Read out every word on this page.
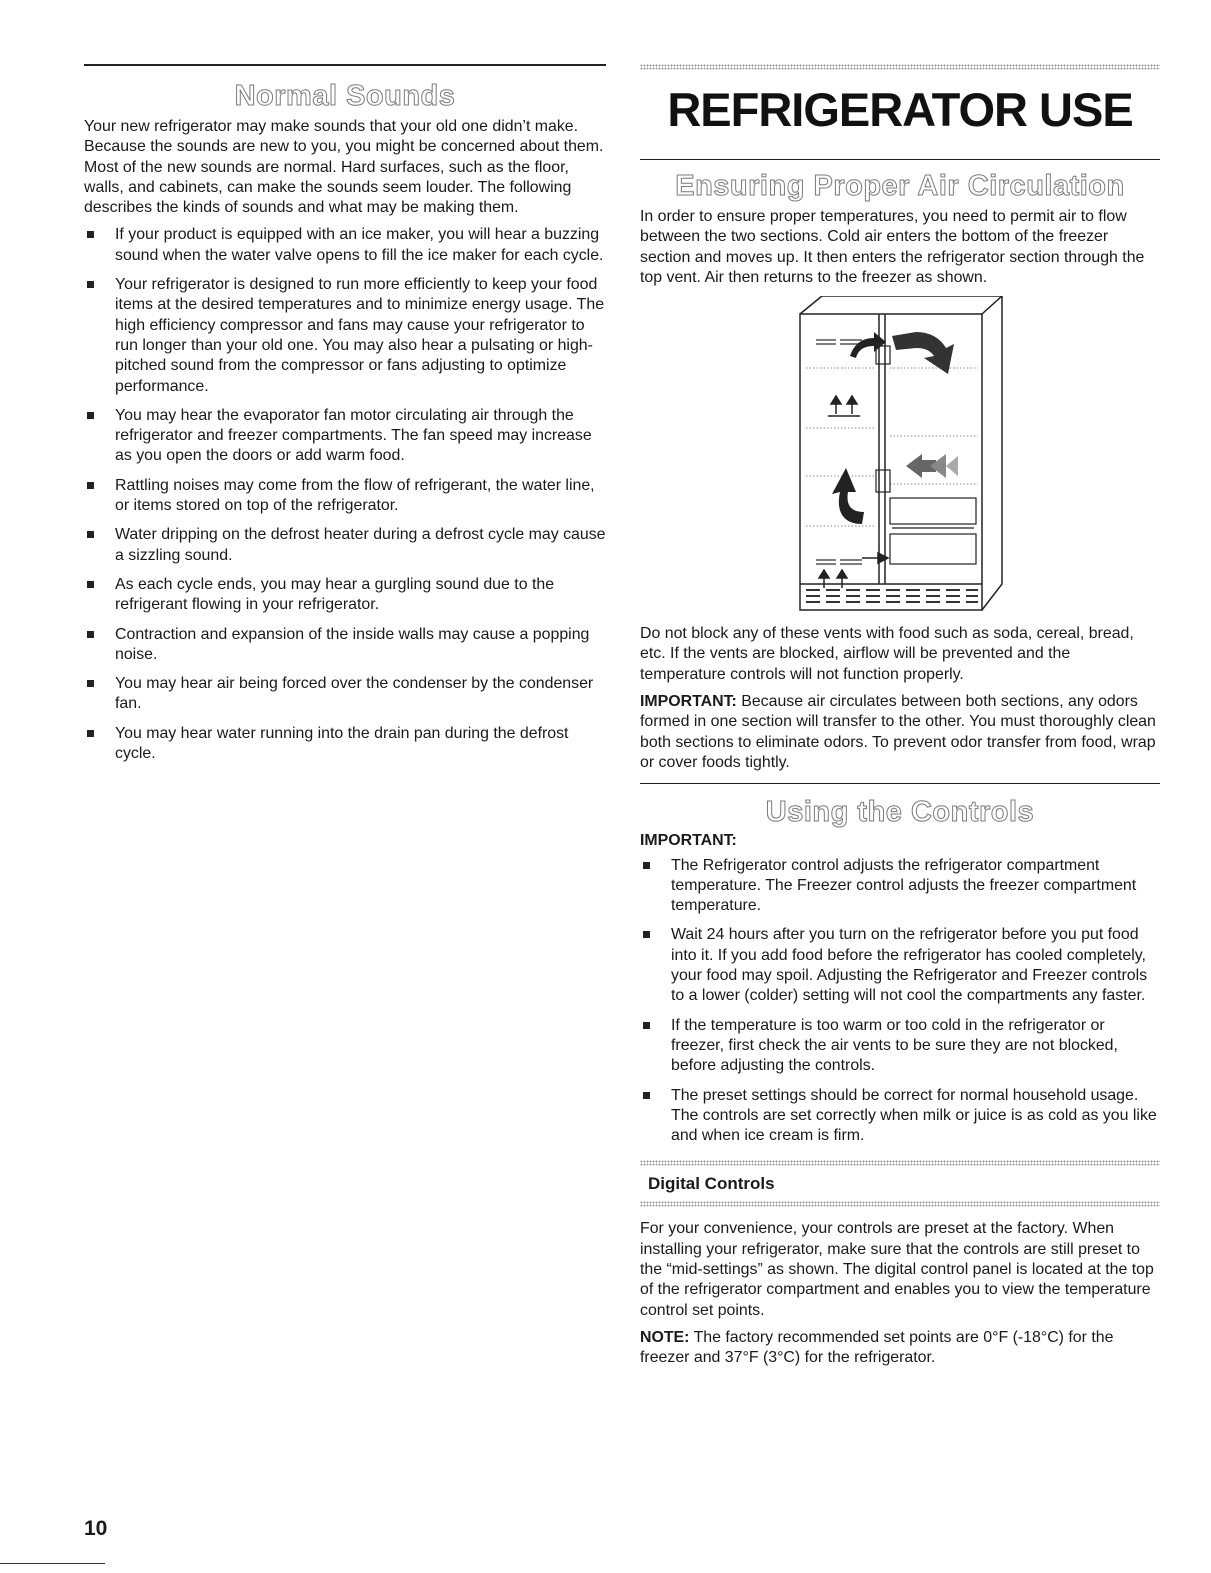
Normal Sounds

Your new refrigerator may make sounds that your old one didn’t make. Because the sounds are new to you, you might be concerned about them. Most of the new sounds are normal. Hard surfaces, such as the floor, walls, and cabinets, can make the sounds seem louder. The following describes the kinds of sounds and what may be making them.

If your product is equipped with an ice maker, you will hear a buzzing sound when the water valve opens to fill the ice maker for each cycle.
Your refrigerator is designed to run more efficiently to keep your food items at the desired temperatures and to minimize energy usage. The high efficiency compressor and fans may cause your refrigerator to run longer than your old one. You may also hear a pulsating or high-pitched sound from the compressor or fans adjusting to optimize performance.
You may hear the evaporator fan motor circulating air through the refrigerator and freezer compartments. The fan speed may increase as you open the doors or add warm food.
Rattling noises may come from the flow of refrigerant, the water line, or items stored on top of the refrigerator.
Water dripping on the defrost heater during a defrost cycle may cause a sizzling sound.
As each cycle ends, you may hear a gurgling sound due to the refrigerant flowing in your refrigerator.
Contraction and expansion of the inside walls may cause a popping noise.
You may hear air being forced over the condenser by the condenser fan.
You may hear water running into the drain pan during the defrost cycle.
REFRIGERATOR USE
Ensuring Proper Air Circulation

In order to ensure proper temperatures, you need to permit air to flow between the two sections. Cold air enters the bottom of the freezer section and moves up. It then enters the refrigerator section through the top vent. Air then returns to the freezer as shown.

Do not block any of these vents with food such as soda, cereal, bread, etc. If the vents are blocked, airflow will be prevented and the temperature controls will not function properly.

IMPORTANT: Because air circulates between both sections, any odors formed in one section will transfer to the other. You must thoroughly clean both sections to eliminate odors. To prevent odor transfer from food, wrap or cover foods tightly.

Using the Controls

IMPORTANT:

The Refrigerator control adjusts the refrigerator compartment temperature. The Freezer control adjusts the freezer compartment temperature.
Wait 24 hours after you turn on the refrigerator before you put food into it. If you add food before the refrigerator has cooled completely, your food may spoil. Adjusting the Refrigerator and Freezer controls to a lower (colder) setting will not cool the compartments any faster.
If the temperature is too warm or too cold in the refrigerator or freezer, first check the air vents to be sure they are not blocked, before adjusting the controls.
The preset settings should be correct for normal household usage. The controls are set correctly when milk or juice is as cold as you like and when ice cream is firm.
Digital Controls

For your convenience, your controls are preset at the factory. When installing your refrigerator, make sure that the controls are still preset to the “mid-settings” as shown. The digital control panel is located at the top of the refrigerator compartment and enables you to view the temperature control set points.

NOTE: The factory recommended set points are 0°F (-18°C) for the freezer and 37°F (3°C) for the refrigerator.

10
